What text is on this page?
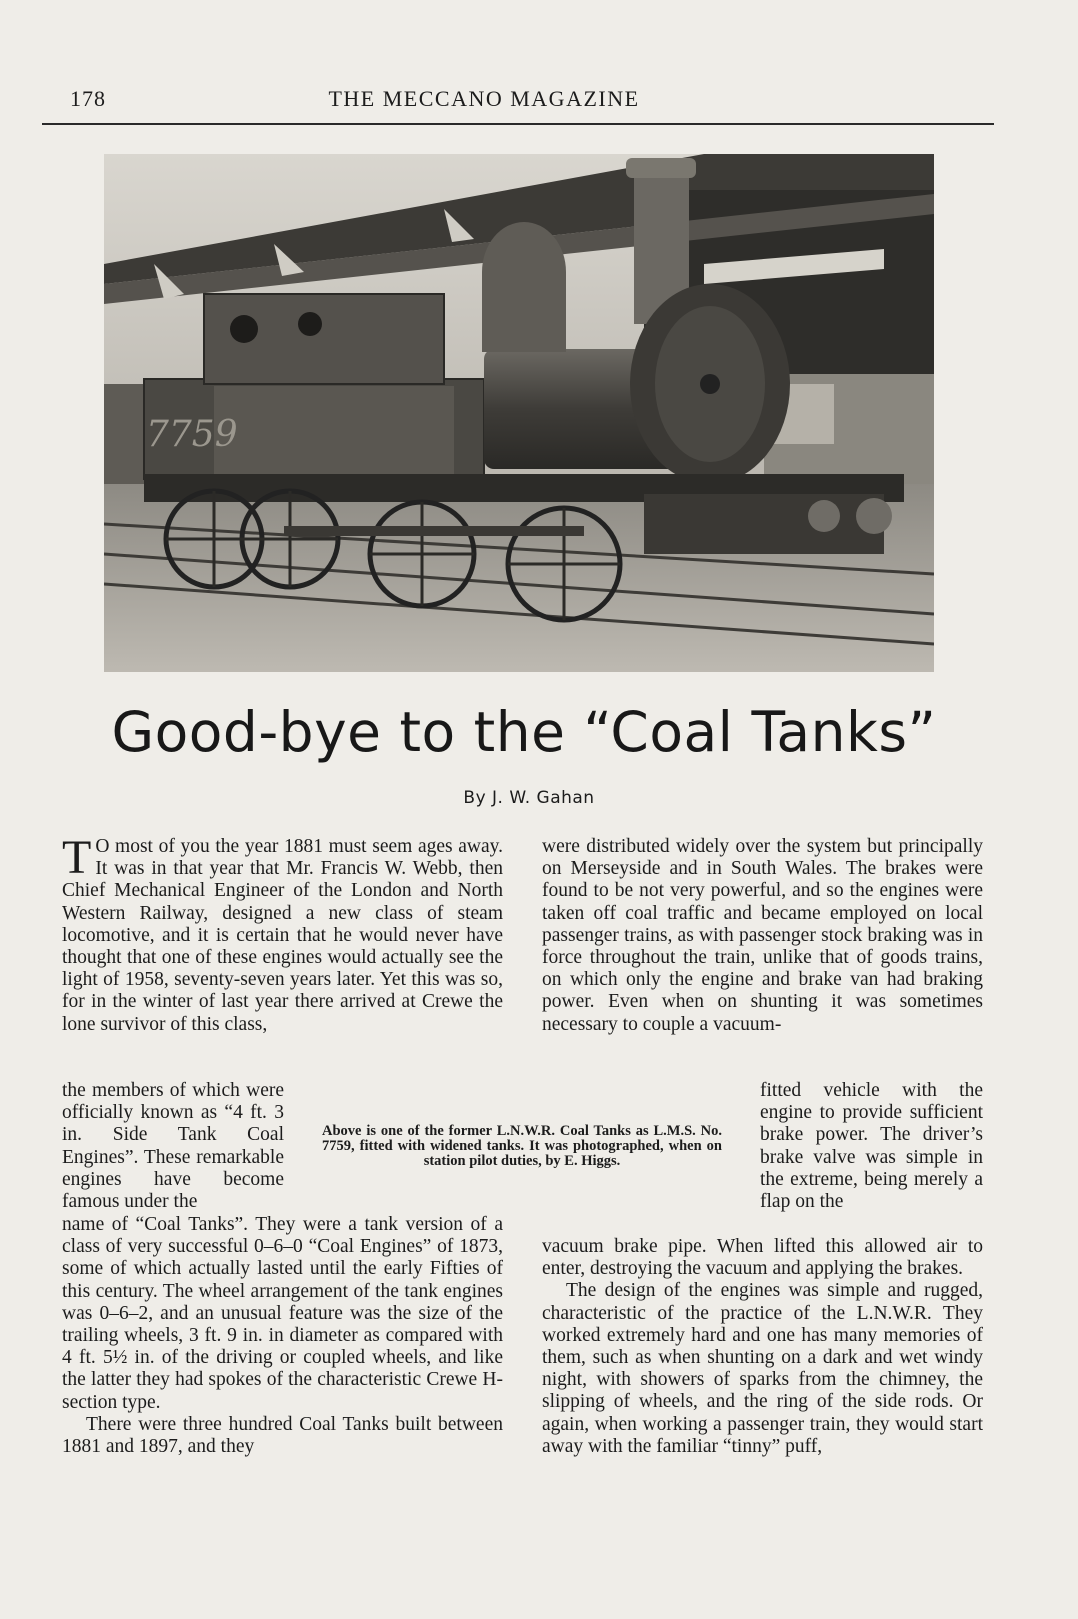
178	THE MECCANO MAGAZINE
7759
Good-bye to the “Coal Tanks”
By J. W. Gahan

T O most of you the year 1881 must seem ages away. It was in that year that Mr. Francis W. Webb, then Chief Mechanical Engineer of the London and North Western Railway, designed a new class of steam locomotive, and it is certain that he would never have thought that one of these engines would actually see the light of 1958, seventy-seven years later. Yet this was so, for in the winter of last year there arrived at Crewe the lone survivor of this class,

the members of which were officially known as “4 ft. 3 in. Side Tank Coal Engines”. These remarkable engines have become famous under the

name of “Coal Tanks”. They were a tank version of a class of very successful 0–6–0 “Coal Engines” of 1873, some of which actually lasted until the early Fifties of this century. The wheel arrangement of the tank engines was 0–6–2, and an unusual feature was the size of the trailing wheels, 3 ft. 9 in. in diameter as compared with 4 ft. 5½ in. of the driving or coupled wheels, and like the latter they had spokes of the characteristic Crewe H-section type.

There were three hundred Coal Tanks built between 1881 and 1897, and they

Above is one of the former L.N.W.R. Coal Tanks as L.M.S. No. 7759, fitted with widened tanks. It was photographed, when on station pilot duties, by E. Higgs.

were distributed widely over the system but principally on Merseyside and in South Wales. The brakes were found to be not very powerful, and so the engines were taken off coal traffic and became employed on local passenger trains, as with passenger stock braking was in force throughout the train, unlike that of goods trains, on which only the engine and brake van had braking power. Even when on shunting it was sometimes necessary to couple a vacuum-

fitted vehicle with the engine to provide sufficient brake power. The driver’s brake valve was simple in the extreme, being merely a flap on the

vacuum brake pipe. When lifted this allowed air to enter, destroying the vacuum and applying the brakes.

The design of the engines was simple and rugged, characteristic of the practice of the L.N.W.R. They worked extremely hard and one has many memories of them, such as when shunting on a dark and wet windy night, with showers of sparks from the chimney, the slipping of wheels, and the ring of the side rods. Or again, when working a passenger train, they would start away with the familiar “tinny” puff,
